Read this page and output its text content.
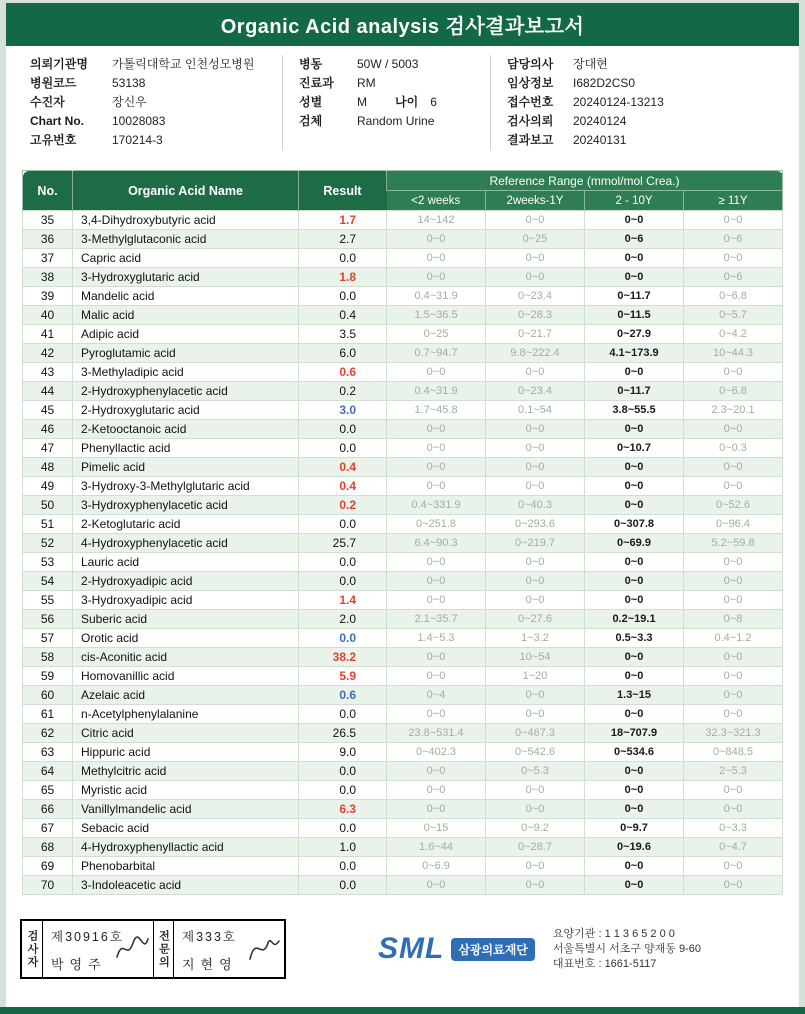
Organic Acid analysis 검사결과보고서
의뢰기관명 가톨릭대학교 인천성모병원
병원코드	53138
수진자	장신우
Chart No. 10028083
고유번호	170214-3
병동	50W / 5003
진료과 RM
성별	M 나이 6
검체	Random Urine
담당의사 장대현
임상정보 I682D2CS0
접수번호 20240124-13213
검사의뢰 20240124
결과보고 20240131
No.	Organic Acid Name	Result	Reference Range (mmol/mol Crea.)			
			<2 weeks	2weeks-1Y	2 - 10Y	≥ 11Y
35	3,4-Dihydroxybutyric acid	1.7	14~142	0~0	0~0	0~0
36	3-Methylglutaconic acid	2.7	0~0	0~25	0~6	0~6
37	Capric acid	0.0	0~0	0~0	0~0	0~0
38	3-Hydroxyglutaric acid	1.8	0~0	0~0	0~0	0~6
39	Mandelic acid	0.0	0.4~31.9	0~23.4	0~11.7	0~6.8
40	Malic acid	0.4	1.5~36.5	0~28.3	0~11.5	0~5.7
41	Adipic acid	3.5	0~25	0~21.7	0~27.9	0~4.2
42	Pyroglutamic acid	6.0	0.7~94.7	9.8~222.4	4.1~173.9	10~44.3
43	3-Methyladipic acid	0.6	0~0	0~0	0~0	0~0
44	2-Hydroxyphenylacetic acid	0.2	0.4~31.9	0~23.4	0~11.7	0~6.8
45	2-Hydroxyglutaric acid	3.0	1.7~45.8	0.1~54	3.8~55.5	2.3~20.1
46	2-Ketooctanoic acid	0.0	0~0	0~0	0~0	0~0
47	Phenyllactic acid	0.0	0~0	0~0	0~10.7	0~0.3
48	Pimelic acid	0.4	0~0	0~0	0~0	0~0
49	3-Hydroxy-3-Methylglutaric acid	0.4	0~0	0~0	0~0	0~0
50	3-Hydroxyphenylacetic acid	0.2	0.4~331.9	0~40.3	0~0	0~52.6
51	2-Ketoglutaric acid	0.0	0~251.8	0~293.6	0~307.8	0~96.4
52	4-Hydroxyphenylacetic acid	25.7	6.4~90.3	0~219.7	0~69.9	5.2~59.8
53	Lauric acid	0.0	0~0	0~0	0~0	0~0
54	2-Hydroxyadipic acid	0.0	0~0	0~0	0~0	0~0
55	3-Hydroxyadipic acid	1.4	0~0	0~0	0~0	0~0
56	Suberic acid	2.0	2.1~35.7	0~27.6	0.2~19.1	0~8
57	Orotic acid	0.0	1.4~5.3	1~3.2	0.5~3.3	0.4~1.2
58	cis-Aconitic acid	38.2	0~0	10~54	0~0	0~0
59	Homovanillic acid	5.9	0~0	1~20	0~0	0~0
60	Azelaic acid	0.6	0~4	0~0	1.3~15	0~0
61	n-Acetylphenylalanine	0.0	0~0	0~0	0~0	0~0
62	Citric acid	26.5	23.8~531.4	0~467.3	18~707.9	32.3~321.3
63	Hippuric acid	9.0	0~402.3	0~542.6	0~534.6	0~848.5
64	Methylcitric acid	0.0	0~0	0~5.3	0~0	2~5.3
65	Myristic acid	0.0	0~0	0~0	0~0	0~0
66	Vanillylmandelic acid	6.3	0~0	0~0	0~0	0~0
67	Sebacic acid	0.0	0~15	0~9.2	0~9.7	0~3.3
68	4-Hydroxyphenyllactic acid	1.0	1.6~44	0~28.7	0~19.6	0~4.7
69	Phenobarbital	0.0	0~6.9	0~0	0~0	0~0
70	3-Indoleacetic acid	0.0	0~0	0~0	0~0	0~0
검사자	제30916호
박영주	전문의	제333호
지현영	SML	삼광의료재단
요양기관 : 1 1 3 6 5 2 0 0
서울특별시 서초구 양재동 9-60
대표번호 : 1661-5117
